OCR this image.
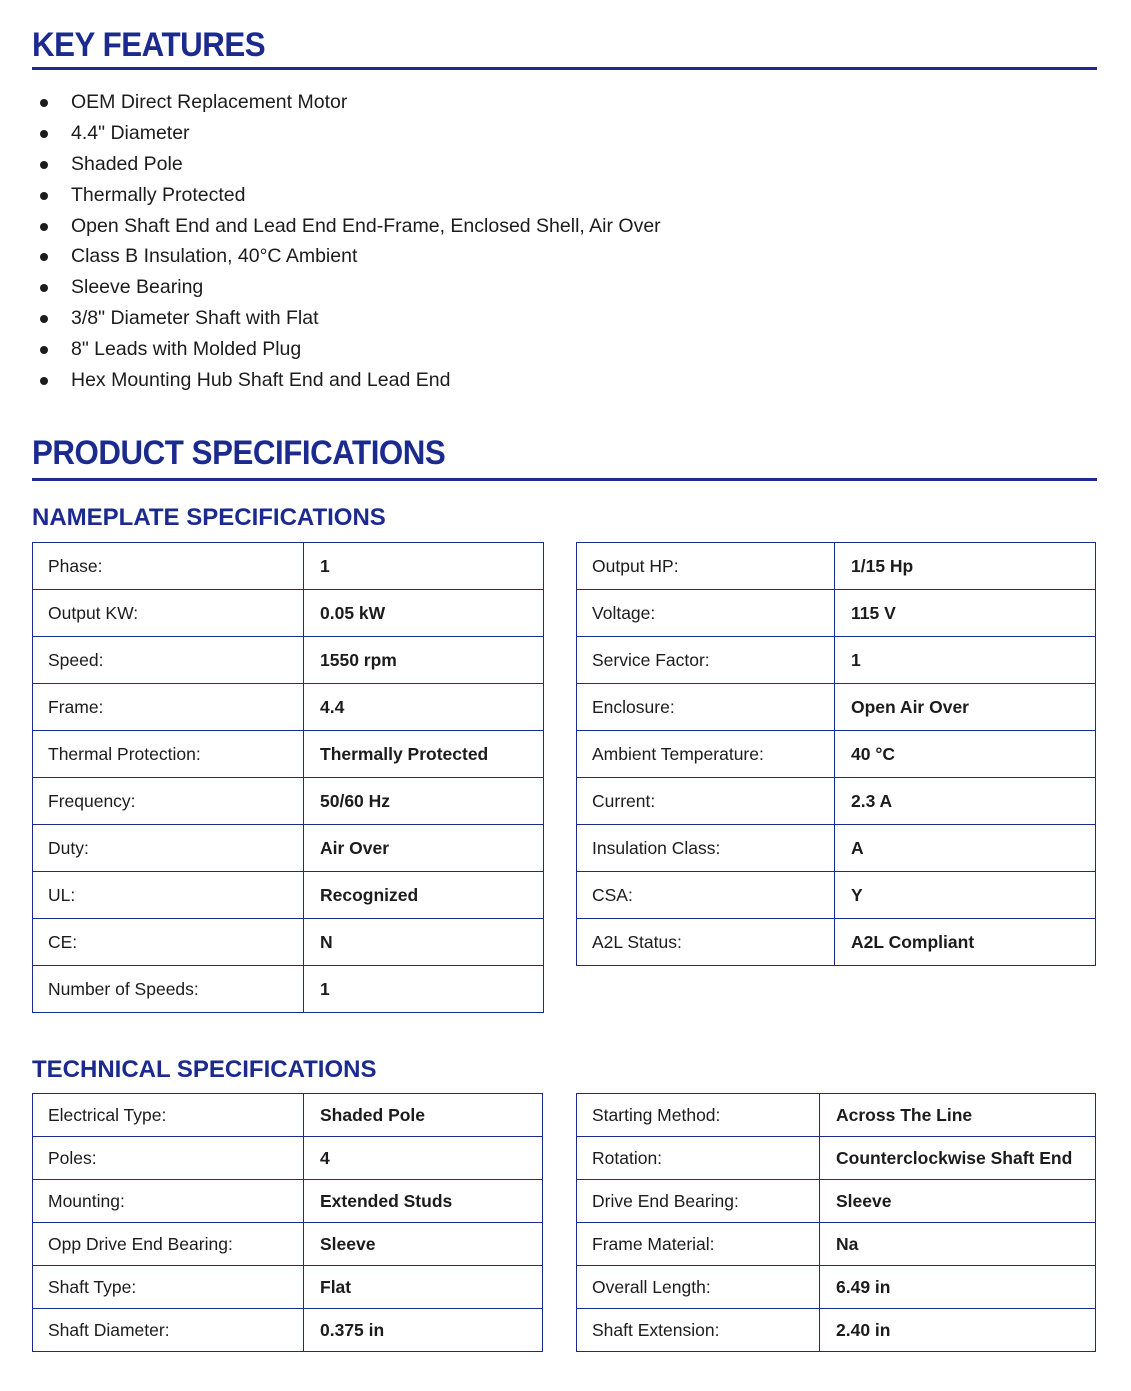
KEY FEATURES
OEM Direct Replacement Motor
4.4" Diameter
Shaded Pole
Thermally Protected
Open Shaft End and Lead End End-Frame, Enclosed Shell, Air Over
Class B Insulation, 40°C Ambient
Sleeve Bearing
3/8" Diameter Shaft with Flat
8" Leads with Molded Plug
Hex Mounting Hub Shaft End and Lead End
PRODUCT SPECIFICATIONS
NAMEPLATE SPECIFICATIONS
Phase:	1
Output KW:	0.05 kW
Speed:	1550 rpm
Frame:	4.4
Thermal Protection:	Thermally Protected
Frequency:	50/60 Hz
Duty:	Air Over
UL:	Recognized
CE:	N
Number of Speeds:	1
Output HP:	1/15 Hp
Voltage:	115 V
Service Factor:	1
Enclosure:	Open Air Over
Ambient Temperature:	40 °C
Current:	2.3 A
Insulation Class:	A
CSA:	Y
A2L Status:	A2L Compliant
TECHNICAL SPECIFICATIONS
Electrical Type:	Shaded Pole
Poles:	4
Mounting:	Extended Studs
Opp Drive End Bearing:	Sleeve
Shaft Type:	Flat
Shaft Diameter:	0.375 in
Starting Method:	Across The Line
Rotation:	Counterclockwise Shaft End
Drive End Bearing:	Sleeve
Frame Material:	Na
Overall Length:	6.49 in
Shaft Extension:	2.40 in
